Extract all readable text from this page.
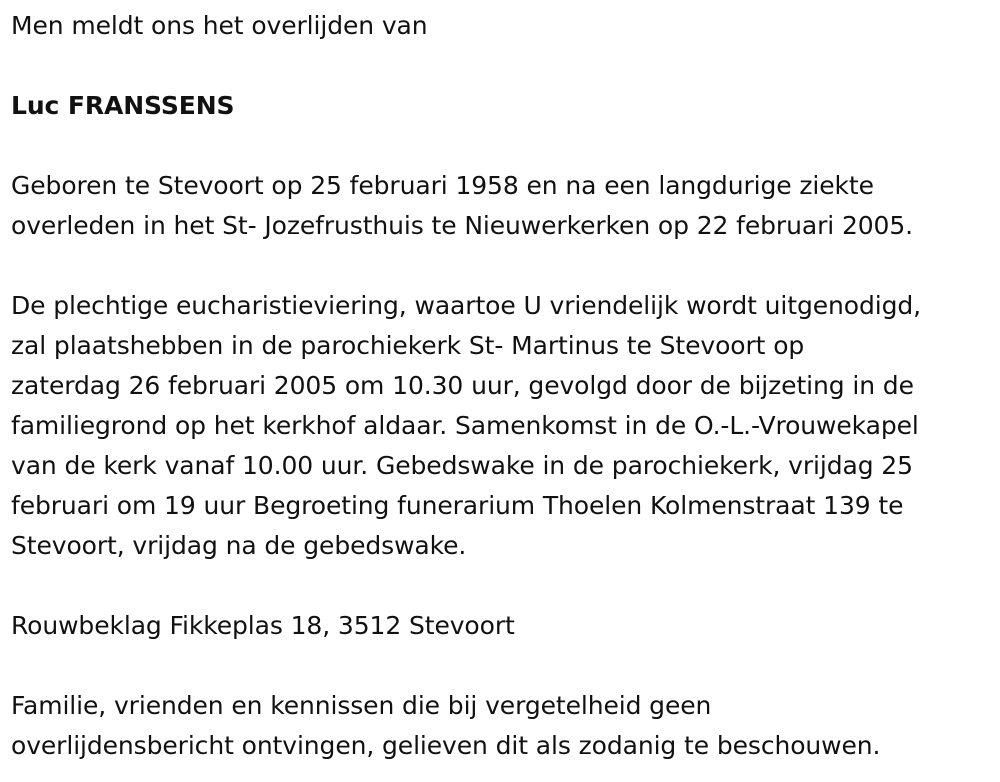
Men meldt ons het overlijden van

Luc FRANSSENS

Geboren te Stevoort op 25 februari 1958 en na een langdurige ziekte
overleden in het St- Jozefrusthuis te Nieuwerkerken op 22 februari 2005.

De plechtige eucharistieviering, waartoe U vriendelijk wordt uitgenodigd,
zal plaatshebben in de parochiekerk St- Martinus te Stevoort op
zaterdag 26 februari 2005 om 10.30 uur, gevolgd door de bijzeting in de
familiegrond op het kerkhof aldaar. Samenkomst in de O.-L.-Vrouwekapel
van de kerk vanaf 10.00 uur. Gebedswake in de parochiekerk, vrijdag 25
februari om 19 uur Begroeting funerarium Thoelen Kolmenstraat 139 te
Stevoort, vrijdag na de gebedswake.

Rouwbeklag Fikkeplas 18, 3512 Stevoort

Familie, vrienden en kennissen die bij vergetelheid geen
overlijdensbericht ontvingen, gelieven dit als zodanig te beschouwen.
